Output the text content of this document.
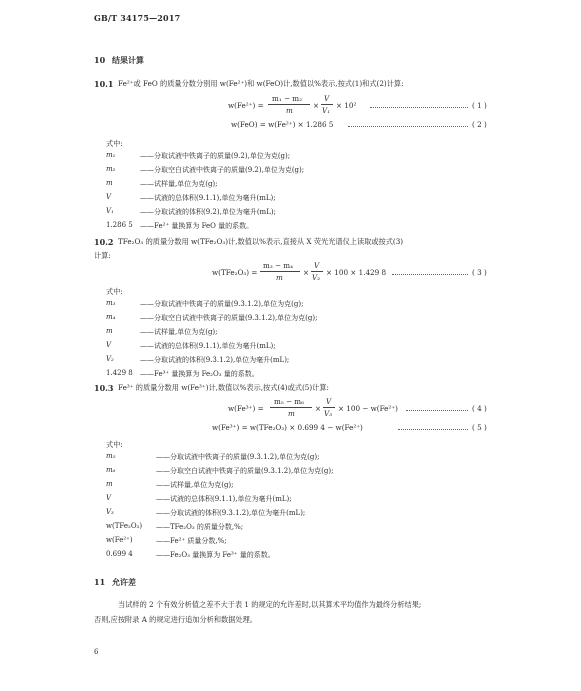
GB/T 34175—2017
10 结果计算
10.1 Fe²⁺或 FeO 的质量分数分别用 w(Fe²⁺)和 w(FeO)计,数值以%表示,按式(1)和式(2)计算:
w(Fe²⁺) =
m₁ − m₂
m
×
V
V₁
× 10²	( 1 )
w(FeO) = w(Fe²⁺) × 1.286 5	( 2 )
式中:
m₁	——分取试液中铁离子的质量(9.2),单位为克(g);
m₂	——分取空白试液中铁离子的质量(9.2),单位为克(g);
m	——试样量,单位为克(g);
V	——试液的总体积(9.1.1),单位为毫升(mL);
V₁	——分取试液的体积(9.2),单位为毫升(mL);
1.286 5 ——Fe²⁺ 量换算为 FeO 量的系数。
10.2 TFe₂O₃ 的质量分数用 w(TFe₂O₃)计,数值以%表示,直接从 X 荧光光谱仪上读取或按式(3)
计算:
w(TFe₂O₃) =
m₃ − m₄
m
×
V
V₂
× 100 × 1.429 8	( 3 )
式中:
m₃	——分取试液中铁离子的质量(9.3.1.2),单位为克(g);
m₄	——分取空白试液中铁离子的质量(9.3.1.2),单位为克(g);
m	——试样量,单位为克(g);
V	——试液的总体积(9.1.1),单位为毫升(mL);
V₂	——分取试液的体积(9.3.1.2),单位为毫升(mL);
1.429 8 ——Fe³⁺ 量换算为 Fe₂O₃ 量的系数。
10.3 Fe³⁺ 的质量分数用 w(Fe³⁺)计,数值以%表示,按式(4)或式(5)计算:
w(Fe³⁺) =
m₅ − m₆
m
×
V
V₃
× 100 − w(Fe²⁺)	( 4 )
w(Fe³⁺) = w(TFe₂O₃) × 0.699 4 − w(Fe²⁺)	( 5 )
式中:
m₅	——分取试液中铁离子的质量(9.3.1.2),单位为克(g);
m₆	——分取空白试液中铁离子的质量(9.3.1.2),单位为克(g);
m	——试样量,单位为克(g);
V	——试液的总体积(9.1.1),单位为毫升(mL);
V₃	——分取试液的体积(9.3.1.2),单位为毫升(mL);
w(TFe₂O₃) ——TFe₂O₃ 的质量分数,%;
w(Fe²⁺)	——Fe²⁺ 质量分数,%;
0.699 4	——Fe₂O₃ 量换算为 Fe³⁺ 量的系数。
11 允许差
当试样的 2 个有效分析值之差不大于表 1 的规定的允许差时,以其算术平均值作为最终分析结果;
否则,应按附录 A 的规定进行追加分析和数据处理。
6
